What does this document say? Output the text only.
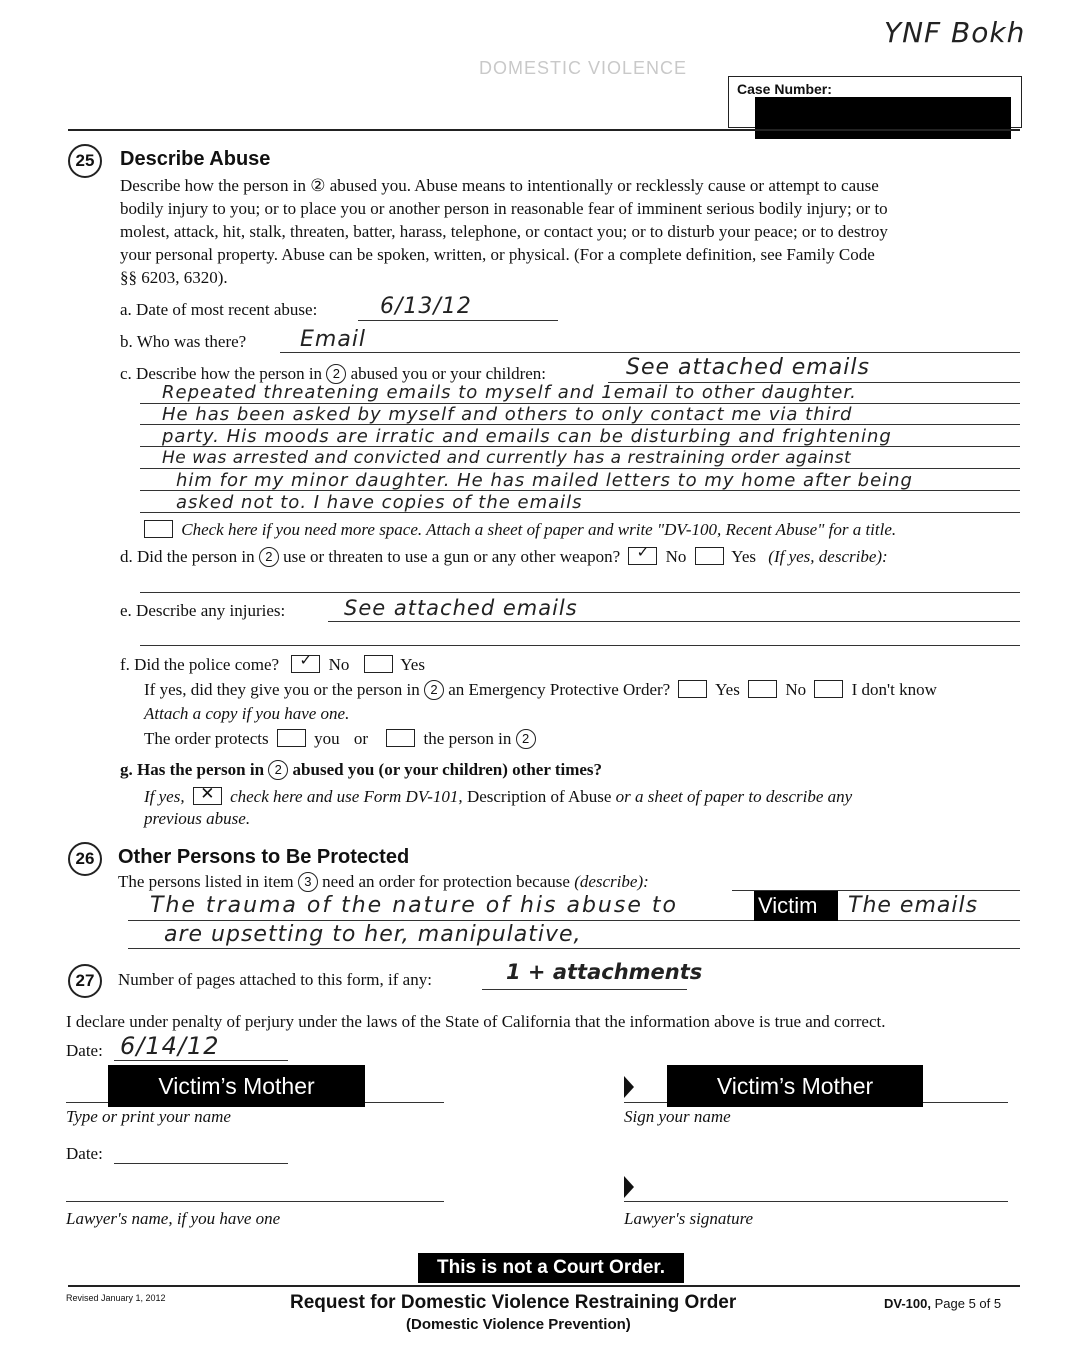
YNF Bokh
DOMESTIC VIOLENCE
Case Number:
25	Describe Abuse
Describe how the person in ② abused you. Abuse means to intentionally or recklessly cause or attempt to cause
bodily injury to you; or to place you or another person in reasonable fear of imminent serious bodily injury; or to
molest, attack, hit, stalk, threaten, batter, harass, telephone, or contact you; or to disturb your peace; or to destroy
your personal property. Abuse can be spoken, written, or physical. (For a complete definition, see Family Code
§§ 6203, 6320).
a. Date of most recent abuse:	6/13/12
b. Who was there? Email
c. Describe how the person in 2 abused you or your children:	See attached emails
Repeated threatening emails to myself and 1email to other daughter.
He has been asked by myself and others to only contact me via third
party. His moods are irratic and emails can be disturbing and frightening
He was arrested and convicted and currently has a restraining order against
him for my minor daughter. He has mailed letters to my home after being
asked not to. I have copies of the emails
Check here if you need more space. Attach a sheet of paper and write "DV-100, Recent Abuse" for a title.
d. Did the person in 2 use or threaten to use a gun or any other weapon?	✓ No	Yes (If yes, describe):
e. Describe any injuries:	See attached emails
f. Did the police come?	✓ No	Yes
If yes, did they give you or the person in 2 an Emergency Protective Order?	Yes	No	I don't know
Attach a copy if you have one.
The order protects	you or	the person in 2
g. Has the person in 2 abused you (or your children) other times?
If yes, ✕ check here and use Form DV-101, Description of Abuse or a sheet of paper to describe any
previous abuse.
26	Other Persons to Be Protected
The persons listed in item 3 need an order for protection because (describe):
The trauma of the nature of his abuse to	Victim	The emails
are upsetting to her, manipulative,
27	Number of pages attached to this form, if any:	1 + attachments
I declare under penalty of perjury under the laws of the State of California that the information above is true and correct.
Date: 6/14/12
Victim’s Mother
Type or print your name
Victim’s Mother
Sign your name
Date:
Lawyer's name, if you have one	Lawyer's signature
This is not a Court Order.
Revised January 1, 2012	Request for Domestic Violence Restraining Order
(Domestic Violence Prevention)
DV-100, Page 5 of 5
